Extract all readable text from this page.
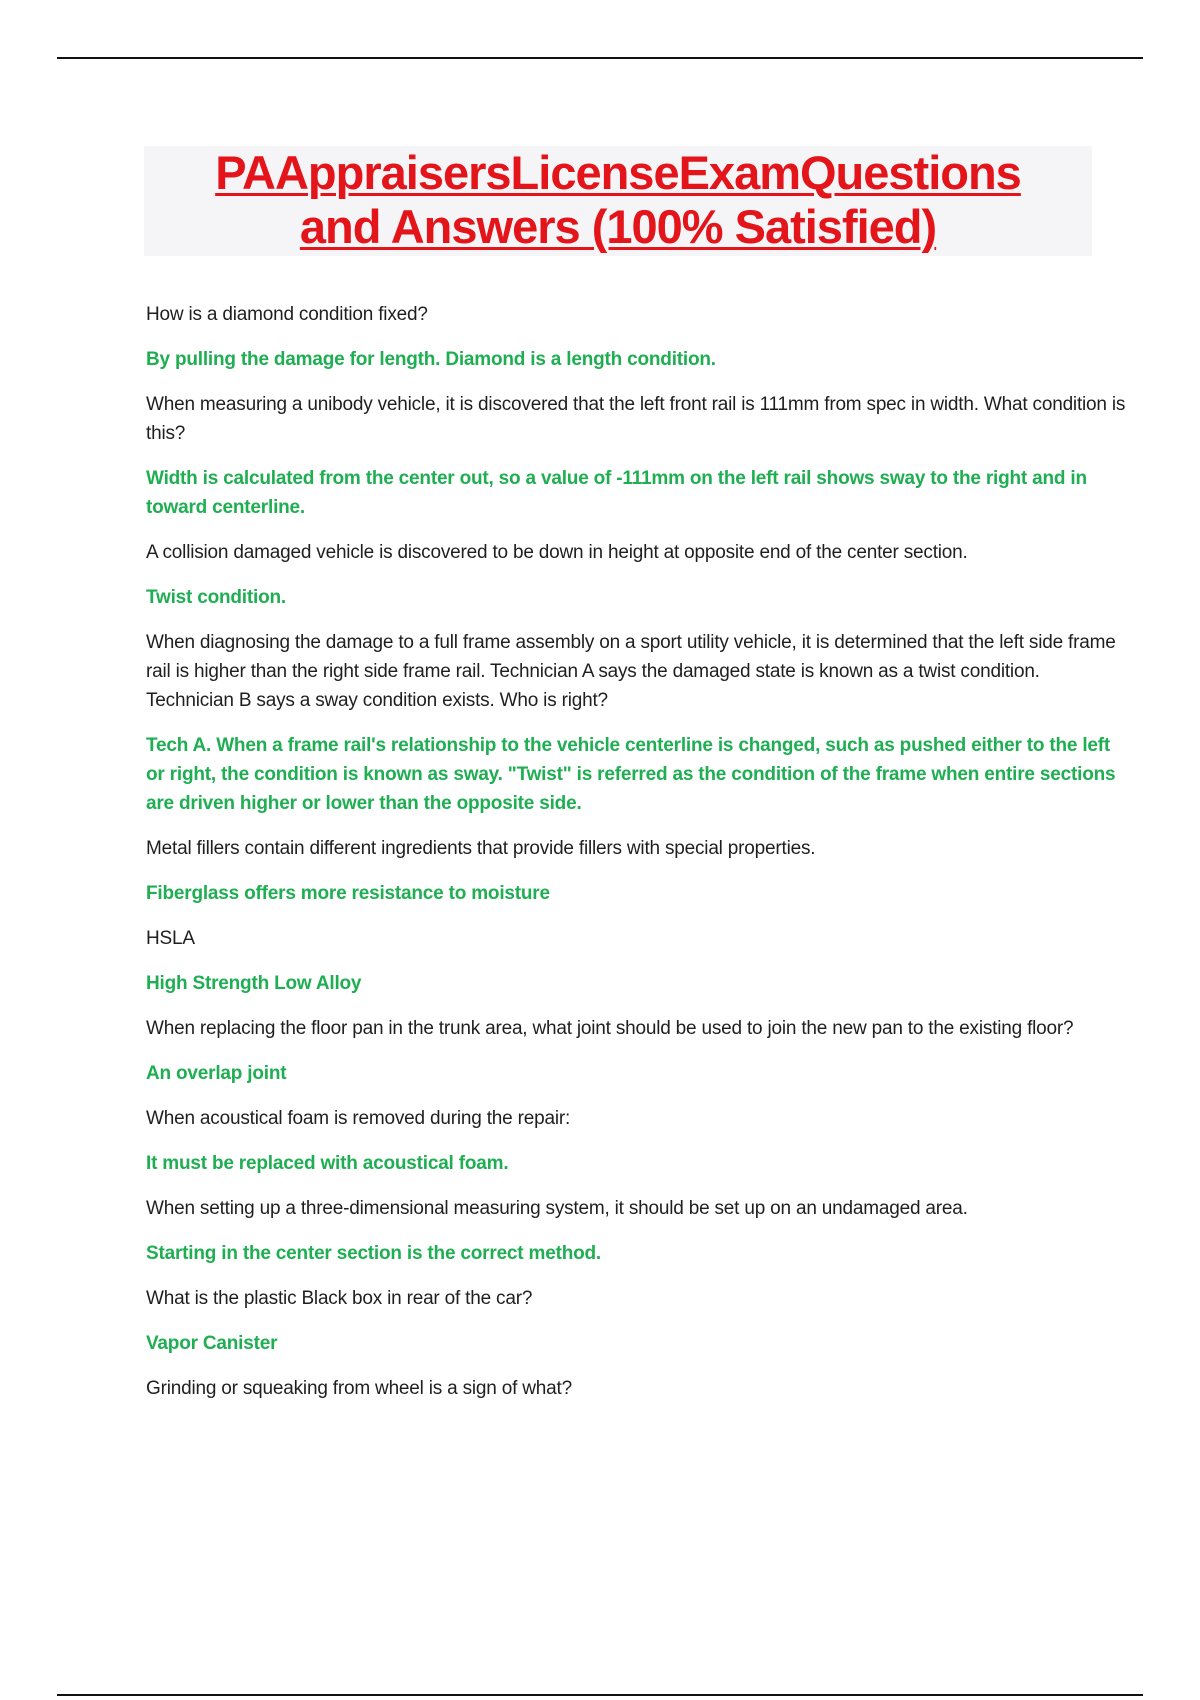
PAAppraisersLicenseExamQuestions
and Answers (100% Satisfied)

How is a diamond condition fixed?

By pulling the damage for length. Diamond is a length condition.

When measuring a unibody vehicle, it is discovered that the left front rail is 111mm from spec in width. What condition is this?

Width is calculated from the center out, so a value of -111mm on the left rail shows sway to the right and in toward centerline.

A collision damaged vehicle is discovered to be down in height at opposite end of the center section.

Twist condition.

When diagnosing the damage to a full frame assembly on a sport utility vehicle, it is determined that the left side frame rail is higher than the right side frame rail. Technician A says the damaged state is known as a twist condition. Technician B says a sway condition exists. Who is right?

Tech A. When a frame rail's relationship to the vehicle centerline is changed, such as pushed either to the left or right, the condition is known as sway. "Twist" is referred as the condition of the frame when entire sections are driven higher or lower than the opposite side.

Metal fillers contain different ingredients that provide fillers with special properties.

Fiberglass offers more resistance to moisture

HSLA

High Strength Low Alloy

When replacing the floor pan in the trunk area, what joint should be used to join the new pan to the existing floor?

An overlap joint

When acoustical foam is removed during the repair:

It must be replaced with acoustical foam.

When setting up a three-dimensional measuring system, it should be set up on an undamaged area.

Starting in the center section is the correct method.

What is the plastic Black box in rear of the car?

Vapor Canister

Grinding or squeaking from wheel is a sign of what?
